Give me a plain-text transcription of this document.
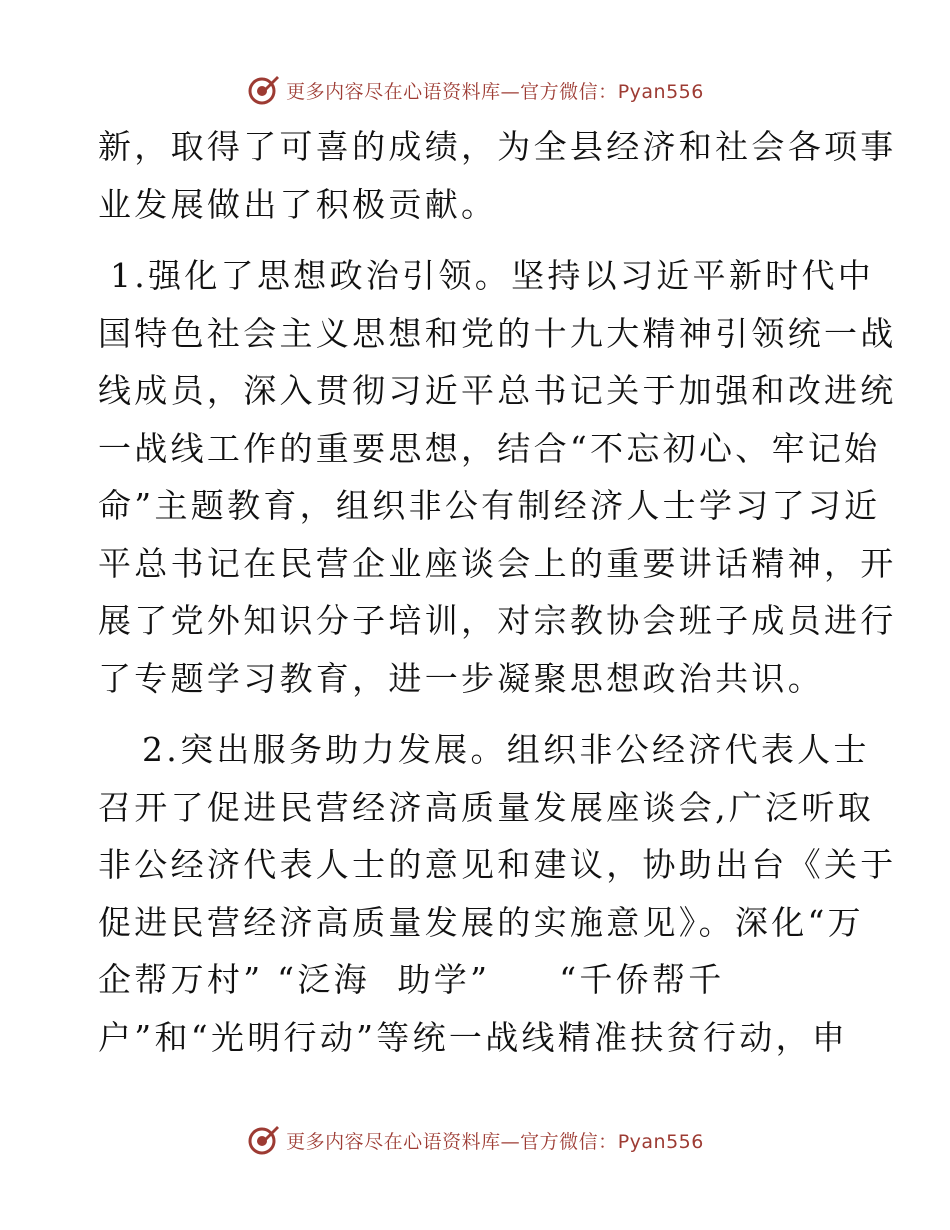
更多内容尽在心语资料库—官方微信：Pyan556
新，取得了可喜的成绩，为全县经济和社会各项事
业发展做出了积极贡献。
1.强化了思想政治引领。坚持以习近平新时代中
国特色社会主义思想和党的十九大精神引领统一战
线成员，深入贯彻习近平总书记关于加强和改进统
一战线工作的重要思想，结合“不忘初心、牢记始
命”主题教育，组织非公有制经济人士学习了习近
平总书记在民营企业座谈会上的重要讲话精神，开
展了党外知识分子培训，对宗教协会班子成员进行
了专题学习教育，进一步凝聚思想政治共识。
2.突出服务助力发展。组织非公经济代表人士
召开了促进民营经济高质量发展座谈会,广泛听取
非公经济代表人士的意见和建议，协助出台《关于
促进民营经济高质量发展的实施意见》。深化“万
企帮万村” “泛海  助学”     “千侨帮千
户”和“光明行动”等统一战线精准扶贫行动，申
更多内容尽在心语资料库—官方微信：Pyan556
